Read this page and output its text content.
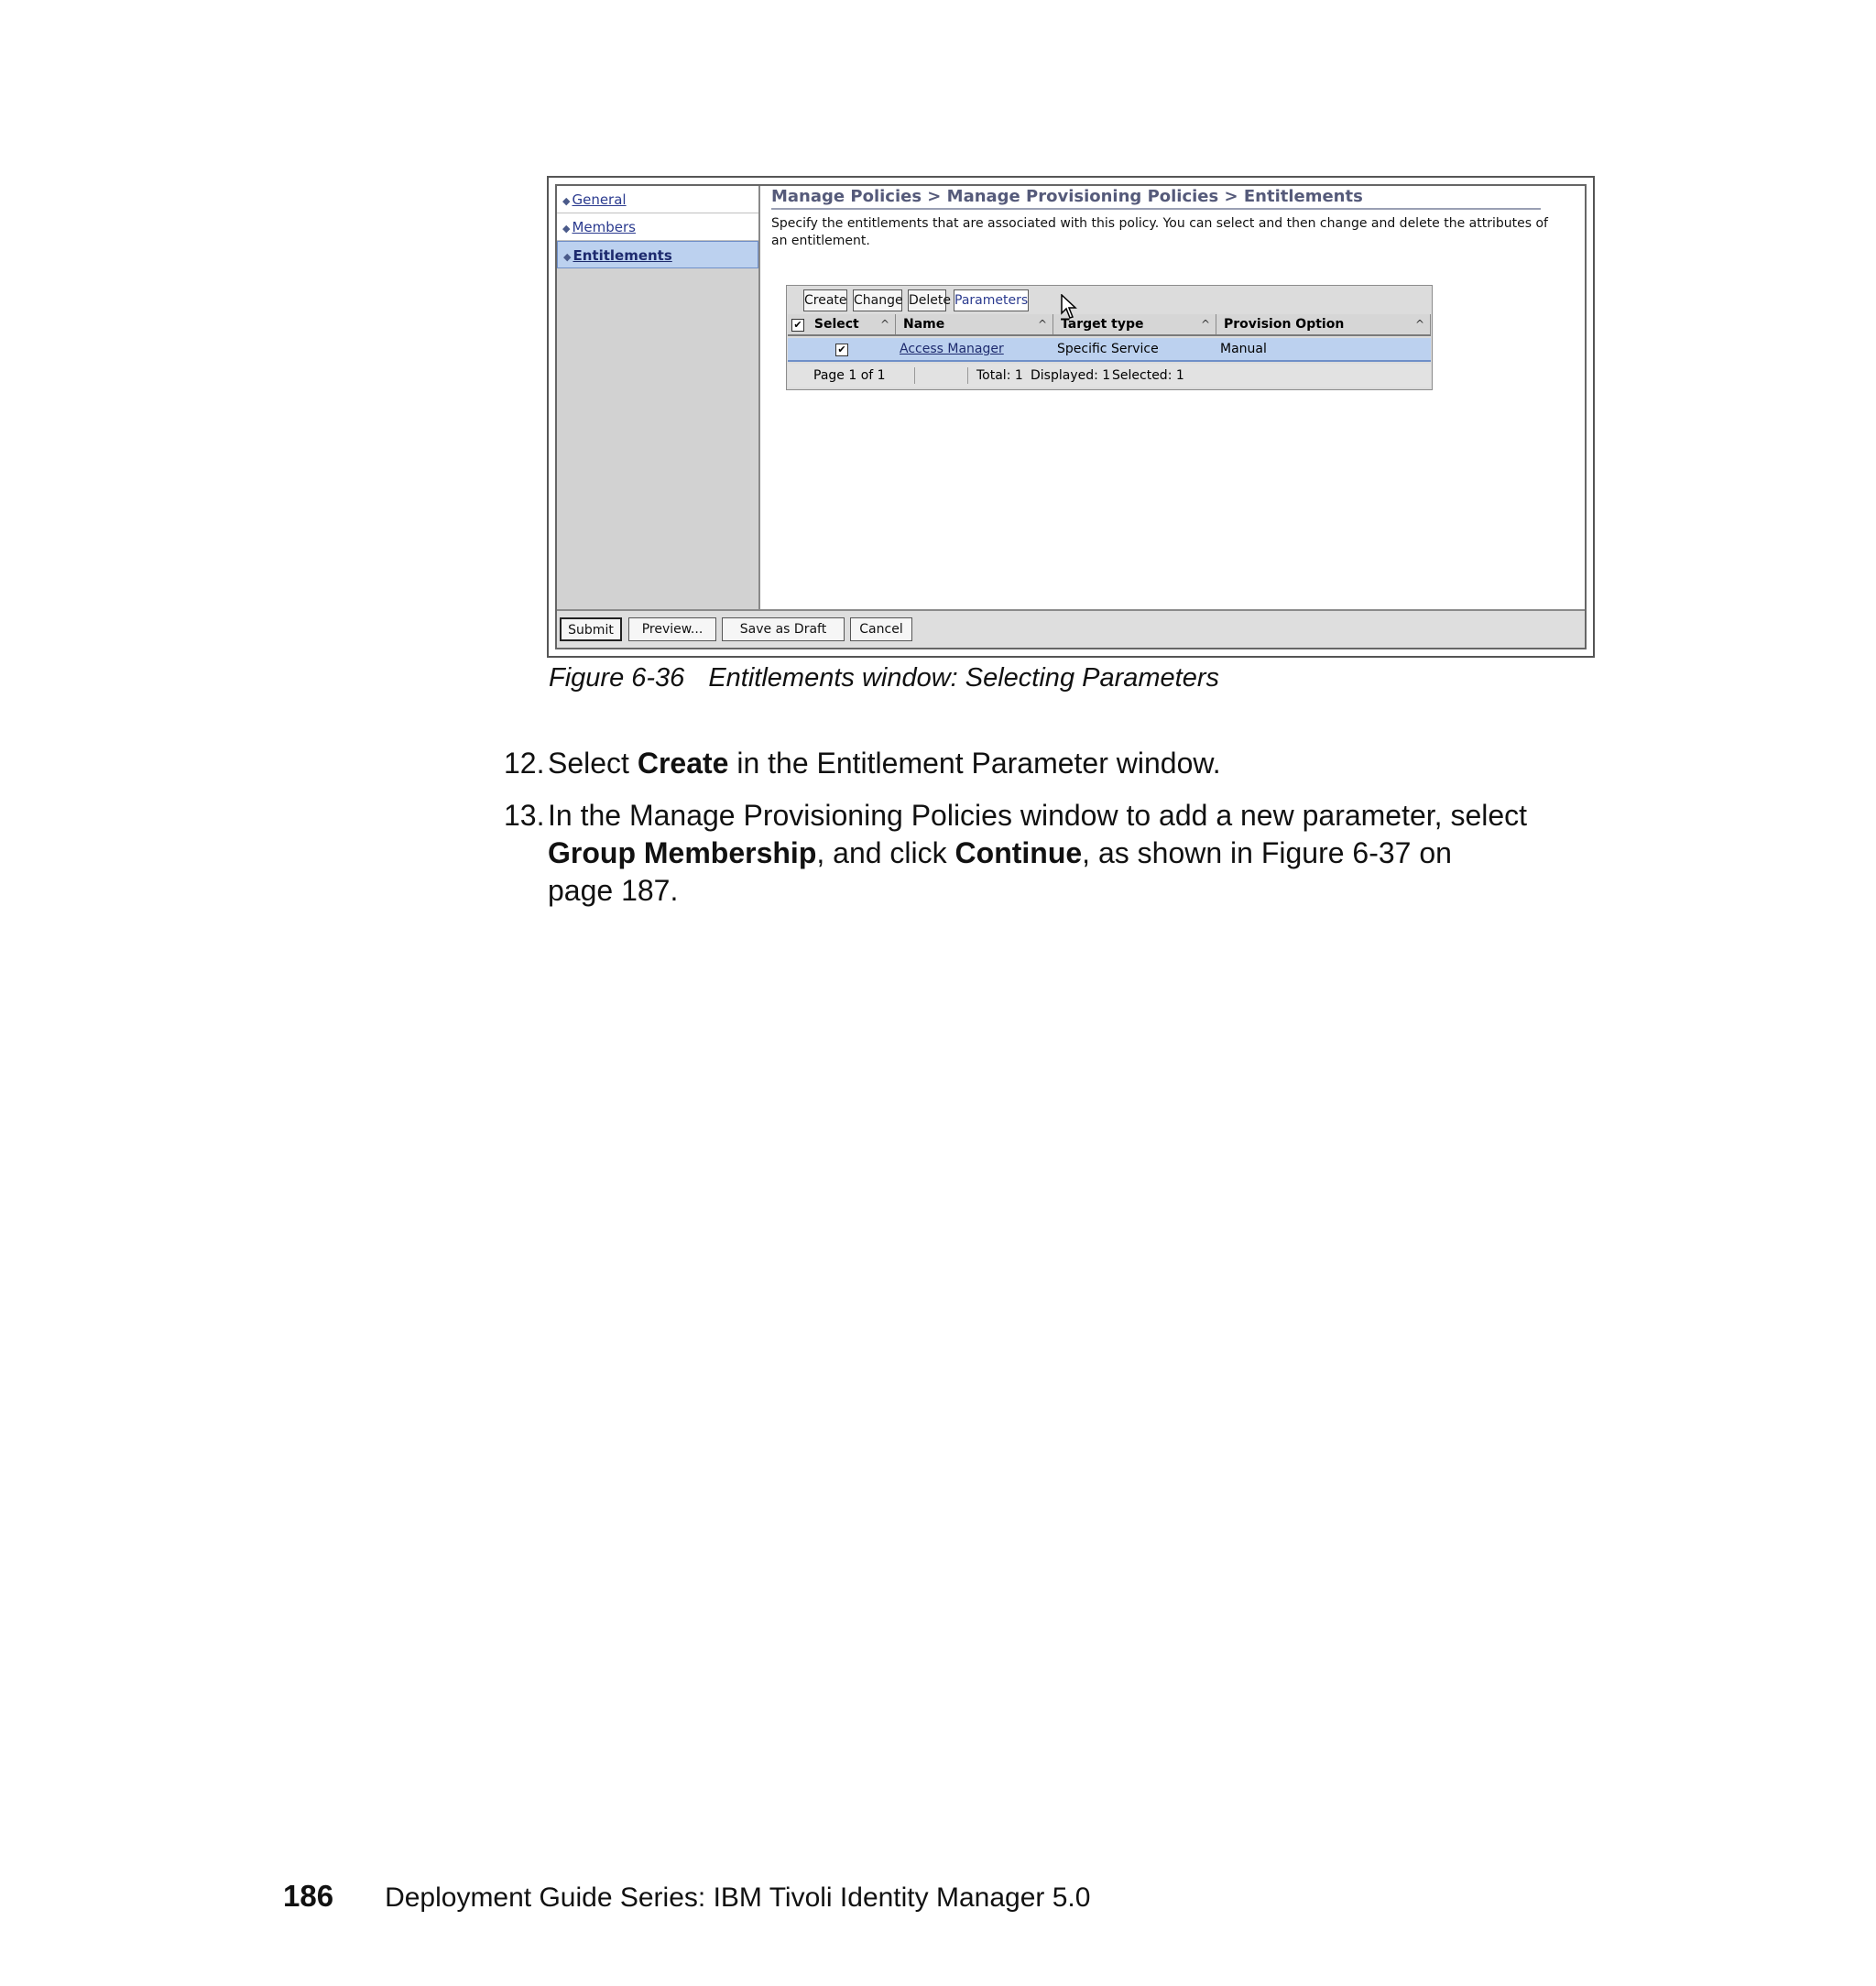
◆ General
◆ Members
◆ Entitlements
Manage Policies > Manage Provisioning Policies > Entitlements
Specify the entitlements that are associated with this policy. You can select and then change and delete the attributes of an entitlement.
Create Change Delete Parameters
✔ Select ^	Name	^	Target type	^	Provision Option	^
✔	Access Manager	Specific Service	Manual
Page 1 of 1	Total: 1 Displayed: 1 Selected: 1
Submit	Preview...	Save as Draft	Cancel
Figure 6-36 Entitlements window: Selecting Parameters
12. Select Create in the Entitlement Parameter window.
13. In the Manage Provisioning Policies window to add a new parameter, select
Group Membership, and click Continue, as shown in Figure 6-37 on
page 187.
186 Deployment Guide Series: IBM Tivoli Identity Manager 5.0
